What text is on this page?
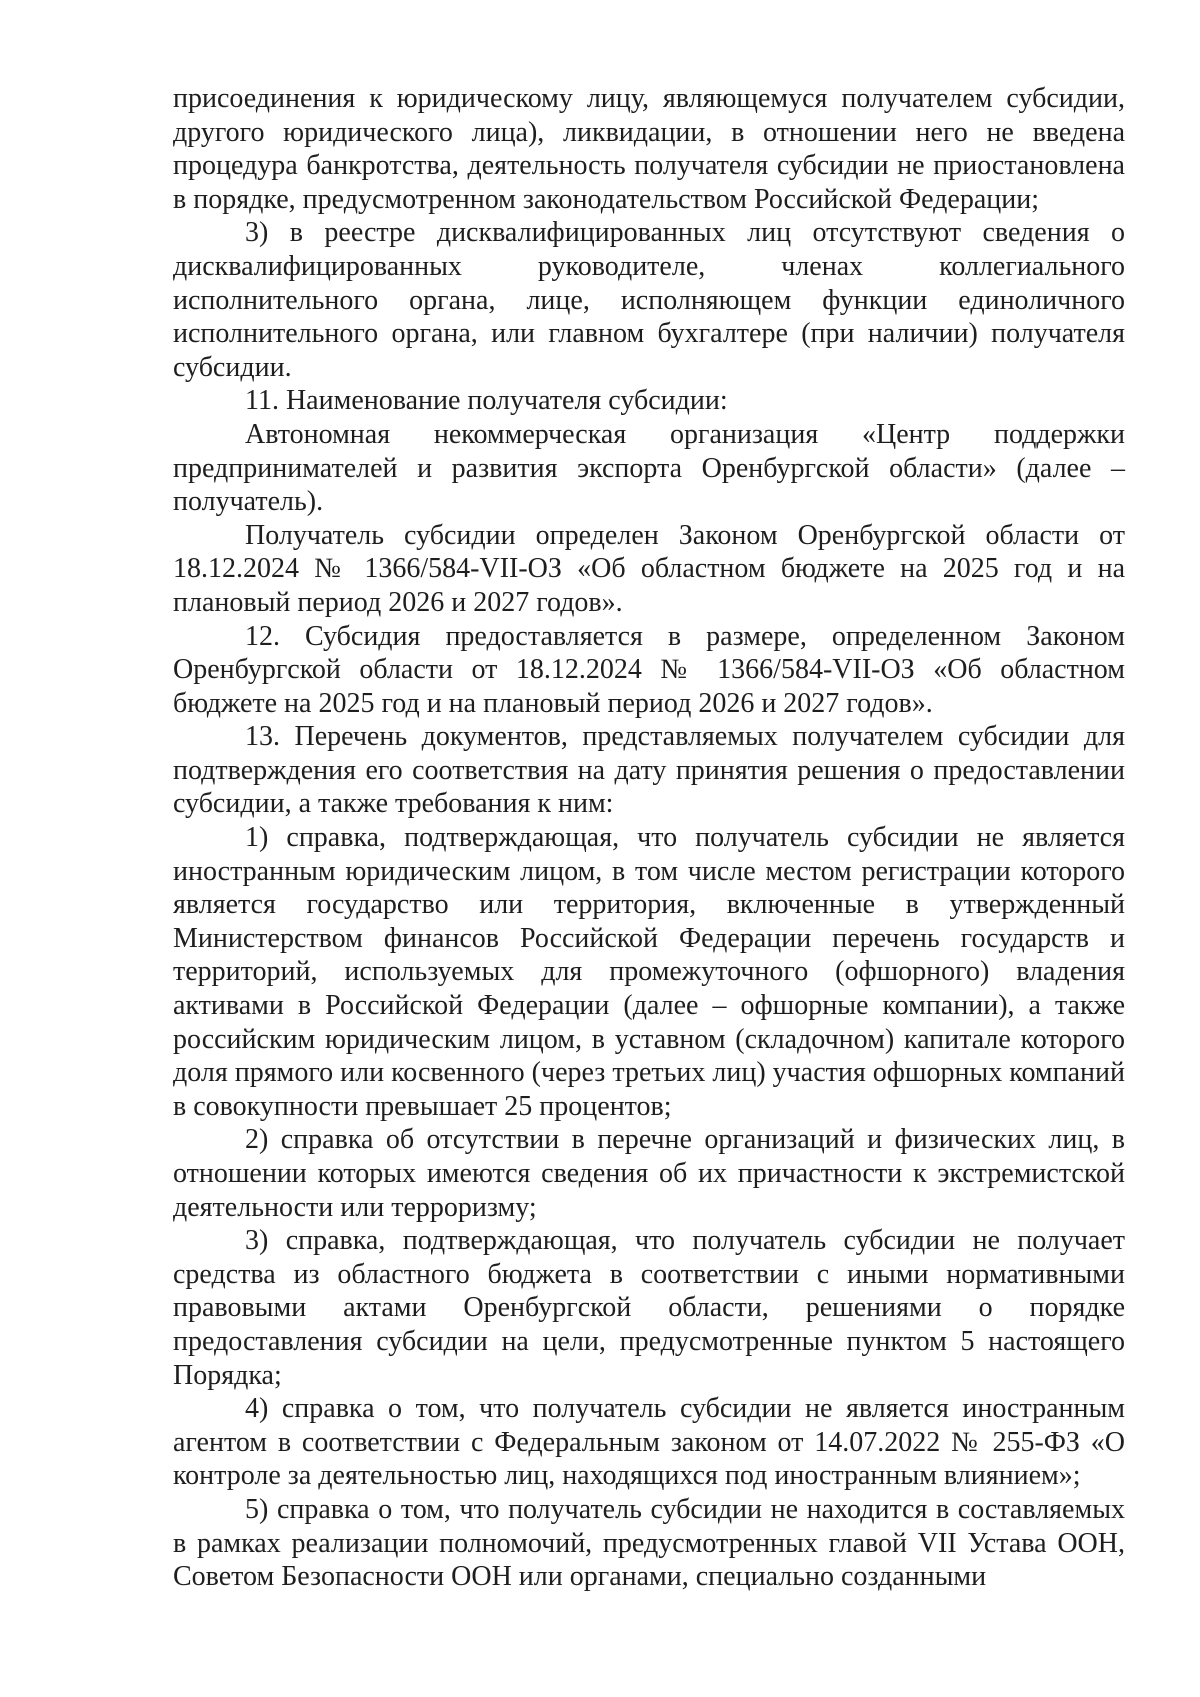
присоединения к юридическому лицу, являющемуся получателем субсидии, другого юридического лица), ликвидации, в отношении него не введена процедура банкротства, деятельность получателя субсидии не приостановлена в порядке, предусмотренном законодательством Российской Федерации;

3) в реестре дисквалифицированных лиц отсутствуют сведения о дисквалифицированных руководителе, членах коллегиального исполнительного органа, лице, исполняющем функции единоличного исполнительного органа, или главном бухгалтере (при наличии) получателя субсидии.

11. Наименование получателя субсидии:

Автономная некоммерческая организация «Центр поддержки предпринимателей и развития экспорта Оренбургской области» (далее – получатель).

Получатель субсидии определен Законом Оренбургской области от 18.12.2024 № 1366/584-VII-ОЗ «Об областном бюджете на 2025 год и на плановый период 2026 и 2027 годов».

12. Субсидия предоставляется в размере, определенном Законом Оренбургской области от 18.12.2024 № 1366/584-VII-ОЗ «Об областном бюджете на 2025 год и на плановый период 2026 и 2027 годов».

13. Перечень документов, представляемых получателем субсидии для подтверждения его соответствия на дату принятия решения о предоставлении субсидии, а также требования к ним:

1) справка, подтверждающая, что получатель субсидии не является иностранным юридическим лицом, в том числе местом регистрации которого является государство или территория, включенные в утвержденный Министерством финансов Российской Федерации перечень государств и территорий, используемых для промежуточного (офшорного) владения активами в Российской Федерации (далее – офшорные компании), а также российским юридическим лицом, в уставном (складочном) капитале которого доля прямого или косвенного (через третьих лиц) участия офшорных компаний в совокупности превышает 25 процентов;

2) справка об отсутствии в перечне организаций и физических лиц, в отношении которых имеются сведения об их причастности к экстремистской деятельности или терроризму;

3) справка, подтверждающая, что получатель субсидии не получает средства из областного бюджета в соответствии с иными нормативными правовыми актами Оренбургской области, решениями о порядке предоставления субсидии на цели, предусмотренные пунктом 5 настоящего Порядка;

4) справка о том, что получатель субсидии не является иностранным агентом в соответствии с Федеральным законом от 14.07.2022 № 255-ФЗ «О контроле за деятельностью лиц, находящихся под иностранным влиянием»;

5) справка о том, что получатель субсидии не находится в составляемых в рамках реализации полномочий, предусмотренных главой VII Устава ООН, Советом Безопасности ООН или органами, специально созданными
